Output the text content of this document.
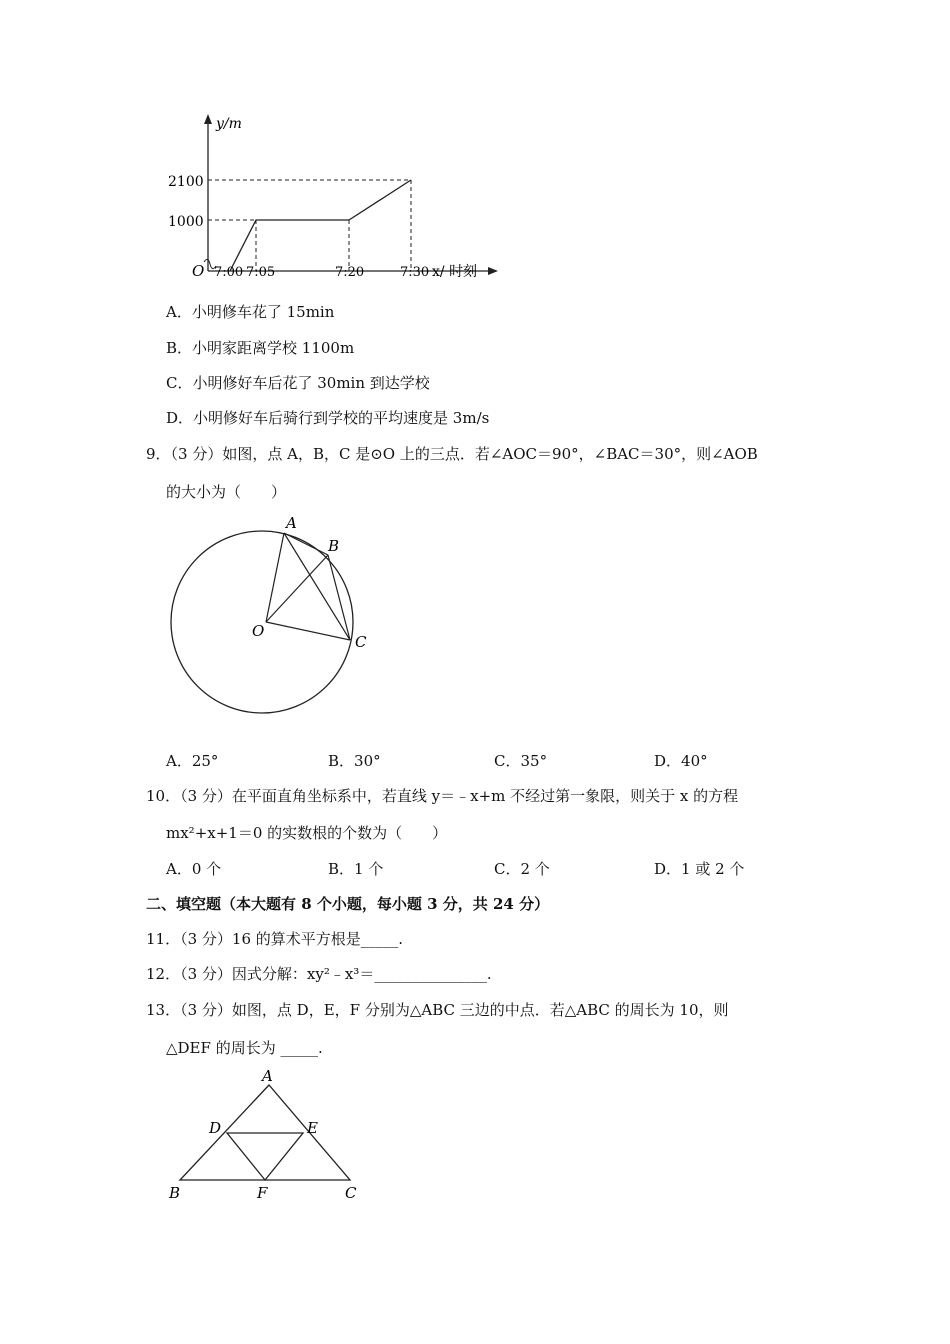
y/m
2100
1000
O 7:00 7:05	7:20	7:30 x/ 时刻
A．小明修车花了 15min
B．小明家距离学校 1100m
C．小明修好车后花了 30min 到达学校
D．小明修好车后骑行到学校的平均速度是 3m/s
9．（3 分）如图，点 A，B，C 是⊙O 上的三点．若∠AOC＝90°，∠BAC＝30°，则∠AOB
的大小为（　　）
A
B
C
O
A．25°	B．30°	C．35°	D．40°
10．（3 分）在平面直角坐标系中，若直线 y＝﹣x+m 不经过第一象限，则关于 x 的方程
mx²+x+1＝0 的实数根的个数为（　　）
A．0 个	B．1 个	C．2 个	D．1 或 2 个
二、填空题（本大题有 8 个小题，每小题 3 分，共 24 分）
11．（3 分）16 的算术平方根是_____.
12．（3 分）因式分解：xy²﹣x³＝_______________.
13．（3 分）如图，点 D，E，F 分别为△ABC 三边的中点．若△ABC 的周长为 10，则
△DEF 的周长为 _____.
A
D	E
B	F	C
